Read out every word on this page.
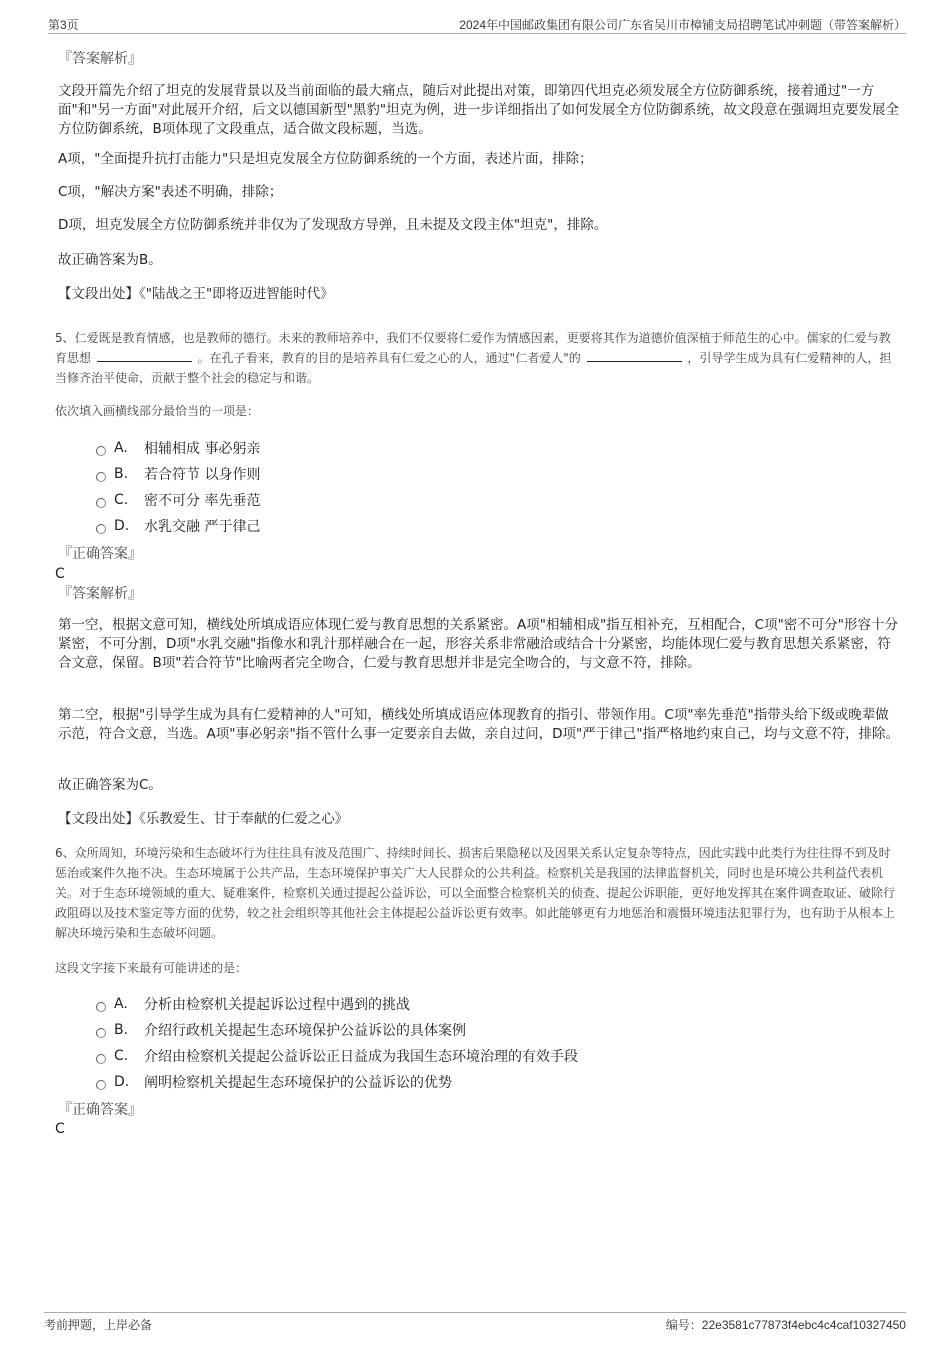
第3页	2024年中国邮政集团有限公司广东省吴川市樟铺支局招聘笔试冲刺题（带答案解析）
『答案解析』

文段开篇先介绍了坦克的发展背景以及当前面临的最大痛点，随后对此提出对策，即第四代坦克必须发展全方位防御系统，接着通过"一方面"和"另一方面"对此展开介绍，后文以德国新型"黑豹"坦克为例，进一步详细指出了如何发展全方位防御系统，故文段意在强调坦克要发展全方位防御系统，B项体现了文段重点，适合做文段标题，当选。

A项，"全面提升抗打击能力"只是坦克发展全方位防御系统的一个方面，表述片面，排除；

C项，"解决方案"表述不明确，排除；

D项，坦克发展全方位防御系统并非仅为了发现敌方导弹，且未提及文段主体"坦克"，排除。

故正确答案为B。

【文段出处】《"陆战之王"即将迈进智能时代》

5、仁爱既是教育情感，也是教师的德行。未来的教师培养中，我们不仅要将仁爱作为情感因素，更要将其作为道德价值深植于师范生的心中。儒家的仁爱与教育思想	。在孔子看来，教育的目的是培养具有仁爱之心的人，通过"仁者爱人"的	，引导学生成为具有仁爱精神的人，担当修齐治平使命，贡献于整个社会的稳定与和谐。

依次填入画横线部分最恰当的一项是：

A.	相辅相成 事必躬亲
B.	若合符节 以身作则
C.	密不可分 率先垂范
D.	水乳交融 严于律己
『正确答案』
C
『答案解析』

第一空，根据文意可知，横线处所填成语应体现仁爱与教育思想的关系紧密。A项"相辅相成"指互相补充，互相配合，C项"密不可分"形容十分紧密，不可分割，D项"水乳交融"指像水和乳汁那样融合在一起，形容关系非常融洽或结合十分紧密，均能体现仁爱与教育思想关系紧密，符合文意，保留。B项"若合符节"比喻两者完全吻合，仁爱与教育思想并非是完全吻合的，与文意不符，排除。

第二空，根据"引导学生成为具有仁爱精神的人"可知，横线处所填成语应体现教育的指引、带领作用。C项"率先垂范"指带头给下级或晚辈做示范，符合文意，当选。A项"事必躬亲"指不管什么事一定要亲自去做，亲自过问，D项"严于律己"指严格地约束自己，均与文意不符，排除。

故正确答案为C。

【文段出处】《乐教爱生、甘于奉献的仁爱之心》

6、众所周知，环境污染和生态破坏行为往往具有波及范围广、持续时间长、损害后果隐秘以及因果关系认定复杂等特点，因此实践中此类行为往往得不到及时惩治或案件久拖不决。生态环境属于公共产品，生态环境保护事关广大人民群众的公共利益。检察机关是我国的法律监督机关，同时也是环境公共利益代表机关。对于生态环境领域的重大、疑难案件，检察机关通过提起公益诉讼，可以全面整合检察机关的侦查、提起公诉职能，更好地发挥其在案件调查取证、破除行政阻碍以及技术鉴定等方面的优势，较之社会组织等其他社会主体提起公益诉讼更有效率。如此能够更有力地惩治和震慑环境违法犯罪行为，也有助于从根本上解决环境污染和生态破坏问题。

这段文字接下来最有可能讲述的是：

A.	分析由检察机关提起诉讼过程中遇到的挑战
B.	介绍行政机关提起生态环境保护公益诉讼的具体案例
C.	介绍由检察机关提起公益诉讼正日益成为我国生态环境治理的有效手段
D.	阐明检察机关提起生态环境保护的公益诉讼的优势
『正确答案』
C
考前押题，上岸必备	编号：22e3581c77873f4ebc4c4caf10327450
